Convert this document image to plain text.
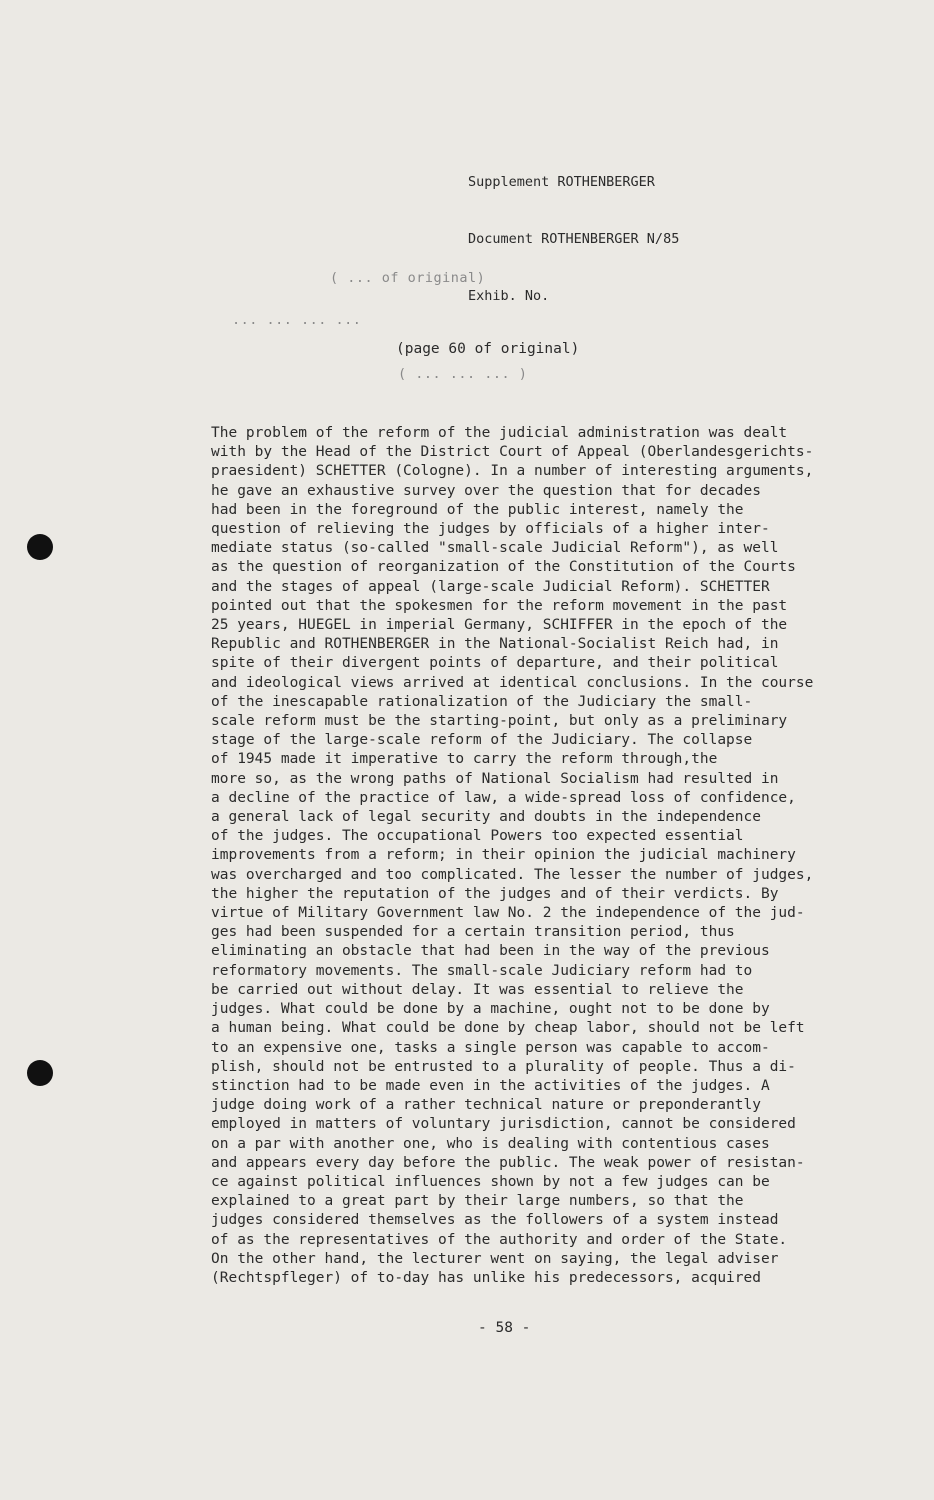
Supplement ROTHENBERGER

Document ROTHENBERGER N/85

Exhib. No.

( ... of original)
... ... ... ...
(page 60 of original)
( ... ... ... )
The problem of the reform of the judicial administration was dealt
with by the Head of the District Court of Appeal (Oberlandesgerichts-
praesident) SCHETTER (Cologne). In a number of interesting arguments,
he gave an exhaustive survey over the question that for decades
had been in the foreground of the public interest, namely the
question of relieving the judges by officials of a higher inter-
mediate status (so-called "small-scale Judicial Reform"), as well
as the question of reorganization of the Constitution of the Courts
and the stages of appeal (large-scale Judicial Reform). SCHETTER
pointed out that the spokesmen for the reform movement in the past
25 years, HUEGEL in imperial Germany, SCHIFFER in the epoch of the
Republic and ROTHENBERGER in the National-Socialist Reich had, in
spite of their divergent points of departure, and their political
and ideological views arrived at identical conclusions. In the course
of the inescapable rationalization of the Judiciary the small-
scale reform must be the starting-point, but only as a preliminary
stage of the large-scale reform of the Judiciary. The collapse
of 1945 made it imperative to carry the reform through,the
more so, as the wrong paths of National Socialism had resulted in
a decline of the practice of law, a wide-spread loss of confidence,
a general lack of legal security and doubts in the independence
of the judges. The occupational Powers too expected essential
improvements from a reform; in their opinion the judicial machinery
was overcharged and too complicated. The lesser the number of judges,
the higher the reputation of the judges and of their verdicts. By
virtue of Military Government law No. 2 the independence of the jud-
ges had been suspended for a certain transition period, thus
eliminating an obstacle that had been in the way of the previous
reformatory movements. The small-scale Judiciary reform had to
be carried out without delay. It was essential to relieve the
judges. What could be done by a machine, ought not to be done by
a human being. What could be done by cheap labor, should not be left
to an expensive one, tasks a single person was capable to accom-
plish, should not be entrusted to a plurality of people. Thus a di-
stinction had to be made even in the activities of the judges. A
judge doing work of a rather technical nature or preponderantly
employed in matters of voluntary jurisdiction, cannot be considered
on a par with another one, who is dealing with contentious cases
and appears every day before the public. The weak power of resistan-
ce against political influences shown by not a few judges can be
explained to a great part by their large numbers, so that the
judges considered themselves as the followers of a system instead
of as the representatives of the authority and order of the State.
On the other hand, the lecturer went on saying, the legal adviser
(Rechtspfleger) of to-day has unlike his predecessors, acquired
- 58 -
